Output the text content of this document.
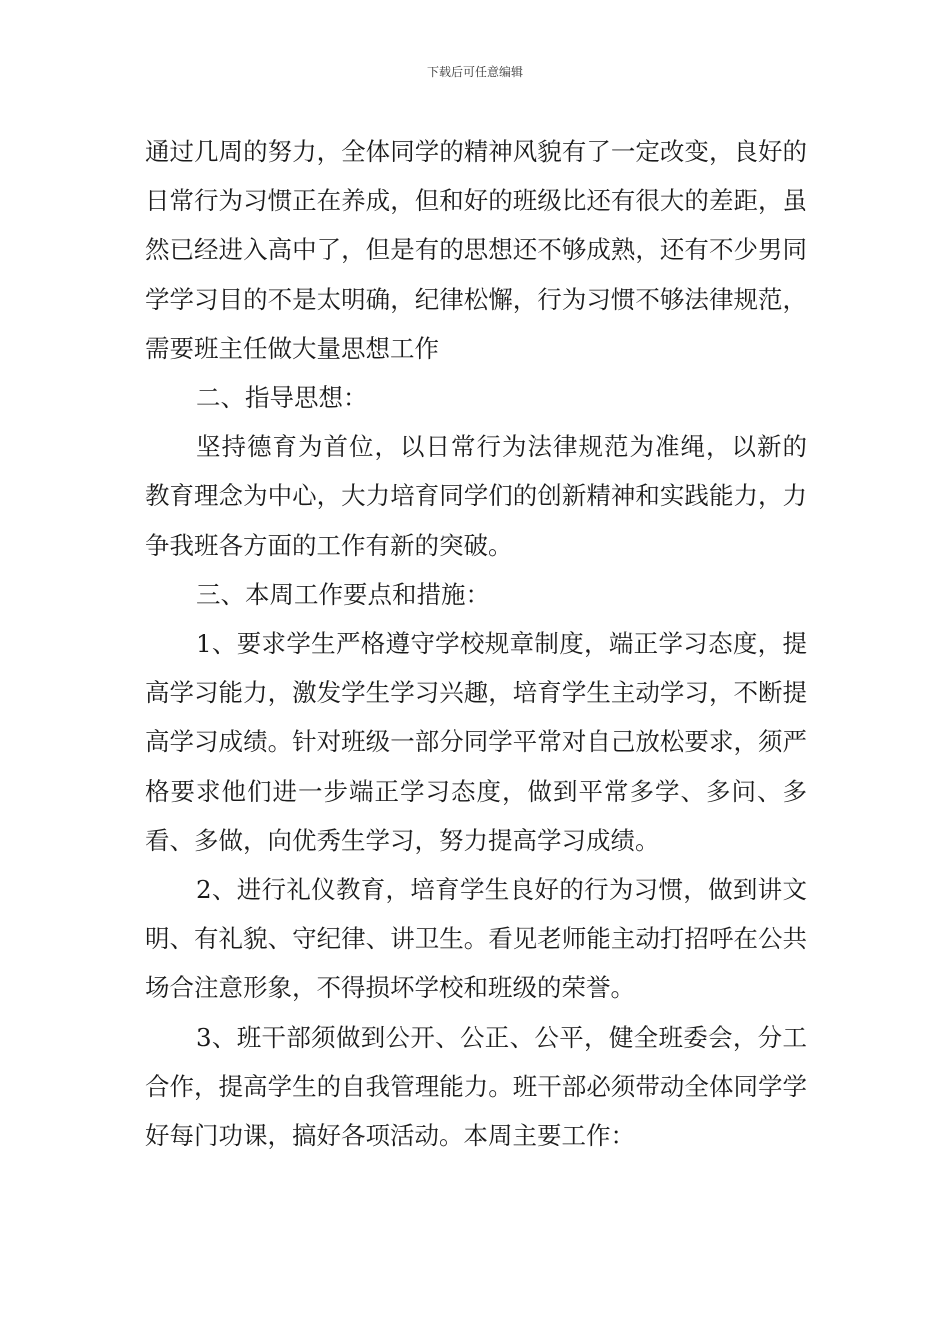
下载后可任意编辑

通过几周的努力，全体同学的精神风貌有了一定改变，良好的日常行为习惯正在养成，但和好的班级比还有很大的差距，虽然已经进入高中了，但是有的思想还不够成熟，还有不少男同学学习目的不是太明确，纪律松懈，行为习惯不够法律规范，需要班主任做大量思想工作

二、指导思想：

坚持德育为首位，以日常行为法律规范为准绳，以新的教育理念为中心，大力培育同学们的创新精神和实践能力，力争我班各方面的工作有新的突破。

三、本周工作要点和措施：

1、要求学生严格遵守学校规章制度，端正学习态度，提高学习能力，激发学生学习兴趣，培育学生主动学习，不断提高学习成绩。针对班级一部分同学平常对自己放松要求，须严格要求他们进一步端正学习态度，做到平常多学、多问、多看、多做，向优秀生学习，努力提高学习成绩。

2、进行礼仪教育，培育学生良好的行为习惯，做到讲文明、有礼貌、守纪律、讲卫生。看见老师能主动打招呼在公共场合注意形象，不得损坏学校和班级的荣誉。

3、班干部须做到公开、公正、公平，健全班委会，分工合作，提高学生的自我管理能力。班干部必须带动全体同学学好每门功课，搞好各项活动。本周主要工作：
